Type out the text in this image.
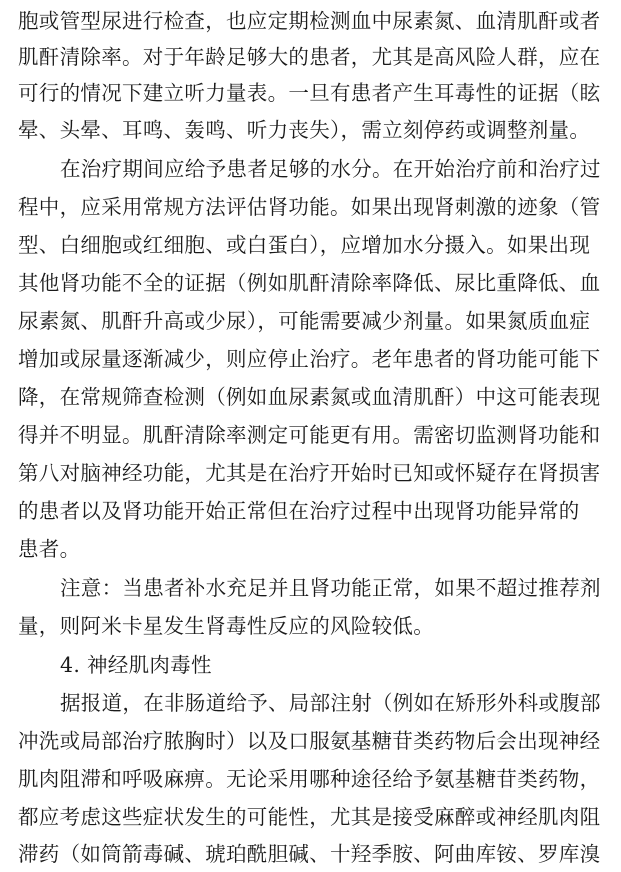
胞或管型尿进行检查，也应定期检测血中尿素氮、血清肌酐或者
肌酐清除率。对于年龄足够大的患者，尤其是高风险人群，应在
可行的情况下建立听力量表。一旦有患者产生耳毒性的证据（眩
晕、头晕、耳鸣、轰鸣、听力丧失），需立刻停药或调整剂量。
在治疗期间应给予患者足够的水分。在开始治疗前和治疗过
程中，应采用常规方法评估肾功能。如果出现肾刺激的迹象（管
型、白细胞或红细胞、或白蛋白），应增加水分摄入。如果出现
其他肾功能不全的证据（例如肌酐清除率降低、尿比重降低、血
尿素氮、肌酐升高或少尿），可能需要减少剂量。如果氮质血症
增加或尿量逐渐减少，则应停止治疗。老年患者的肾功能可能下
降，在常规筛查检测（例如血尿素氮或血清肌酐）中这可能表现
得并不明显。肌酐清除率测定可能更有用。需密切监测肾功能和
第八对脑神经功能，尤其是在治疗开始时已知或怀疑存在肾损害
的患者以及肾功能开始正常但在治疗过程中出现肾功能异常的
患者。
注意：当患者补水充足并且肾功能正常，如果不超过推荐剂
量，则阿米卡星发生肾毒性反应的风险较低。
4. 神经肌肉毒性
据报道，在非肠道给予、局部注射（例如在矫形外科或腹部
冲洗或局部治疗脓胸时）以及口服氨基糖苷类药物后会出现神经
肌肉阻滞和呼吸麻痹。无论采用哪种途径给予氨基糖苷类药物，
都应考虑这些症状发生的可能性，尤其是接受麻醉或神经肌肉阻
滞药（如筒箭毒碱、琥珀酰胆碱、十羟季胺、阿曲库铵、罗库溴
